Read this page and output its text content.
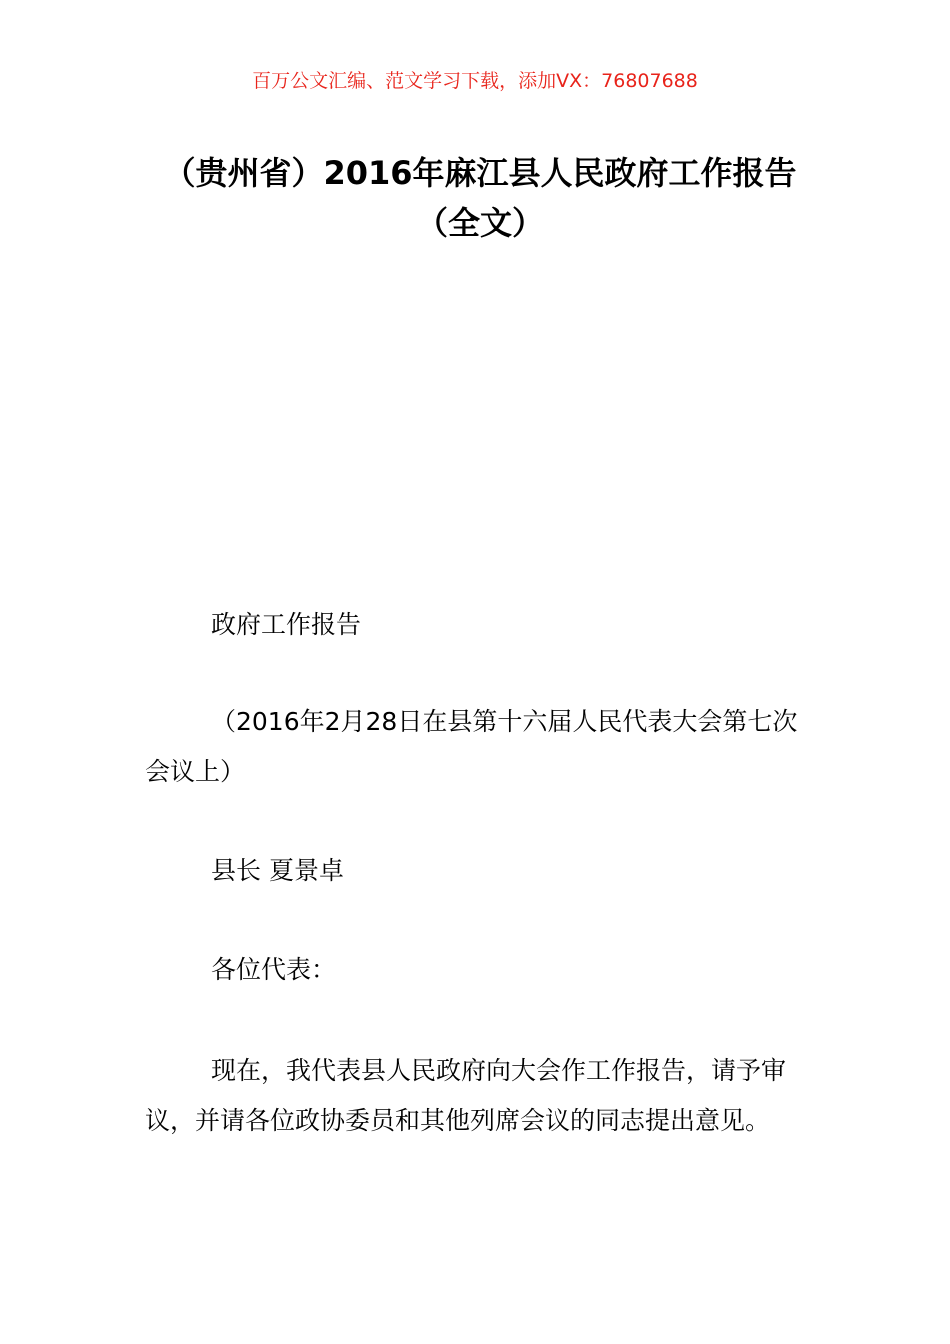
百万公文汇编、范文学习下载，添加VX：76807688
（贵州省）2016年麻江县人民政府工作报告（全文）

政府工作报告

（2016年2月28日在县第十六届人民代表大会第七次会议上）

县长 夏景卓

各位代表：

现在，我代表县人民政府向大会作工作报告，请予审议，并请各位政协委员和其他列席会议的同志提出意见。
